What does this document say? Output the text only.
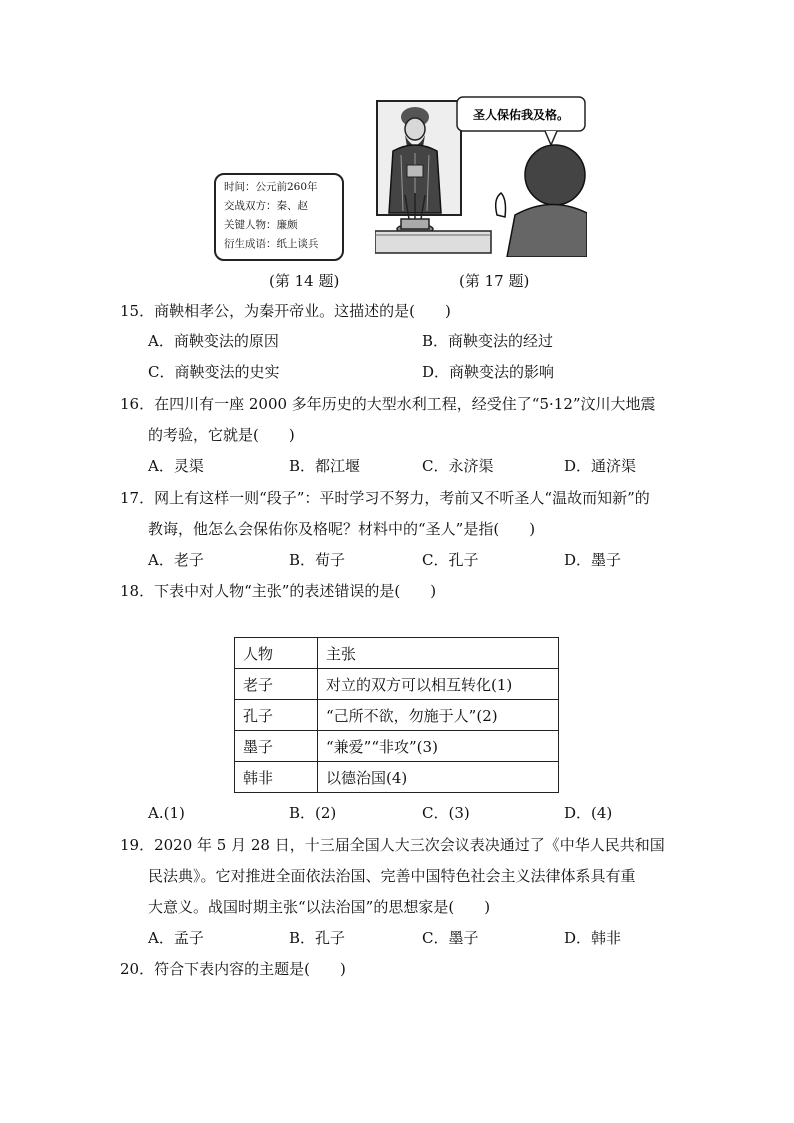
时间：公元前260年
交战双方：秦、赵
关键人物：廉颇
衍生成语：纸上谈兵
圣人保佑我及格。
(第 14 题)	(第 17 题)
15．商鞅相孝公，为秦开帝业。这描述的是(　　)
A．商鞅变法的原因	B．商鞅变法的经过
C．商鞅变法的史实	D．商鞅变法的影响
16．在四川有一座 2000 多年历史的大型水利工程，经受住了“5·12”汶川大地震
的考验，它就是(　　)
A．灵渠	B．都江堰	C．永济渠	D．通济渠
17．网上有这样一则“段子”：平时学习不努力，考前又不听圣人“温故而知新”的
教诲，他怎么会保佑你及格呢？材料中的“圣人”是指(　　)
A．老子	B．荀子	C．孔子	D．墨子
18．下表中对人物“主张”的表述错误的是(　　)
人物	主张
老子	对立的双方可以相互转化(1)
孔子	“己所不欲，勿施于人”(2)
墨子	“兼爱”“非攻”(3)
韩非	以德治国(4)
A.(1)	B．(2)	C．(3)	D．(4)
19．2020 年 5 月 28 日，十三届全国人大三次会议表决通过了《中华人民共和国
民法典》。它对推进全面依法治国、完善中国特色社会主义法律体系具有重
大意义。战国时期主张“以法治国”的思想家是(　　)
A．孟子	B．孔子	C．墨子	D．韩非
20．符合下表内容的主题是(　　)
